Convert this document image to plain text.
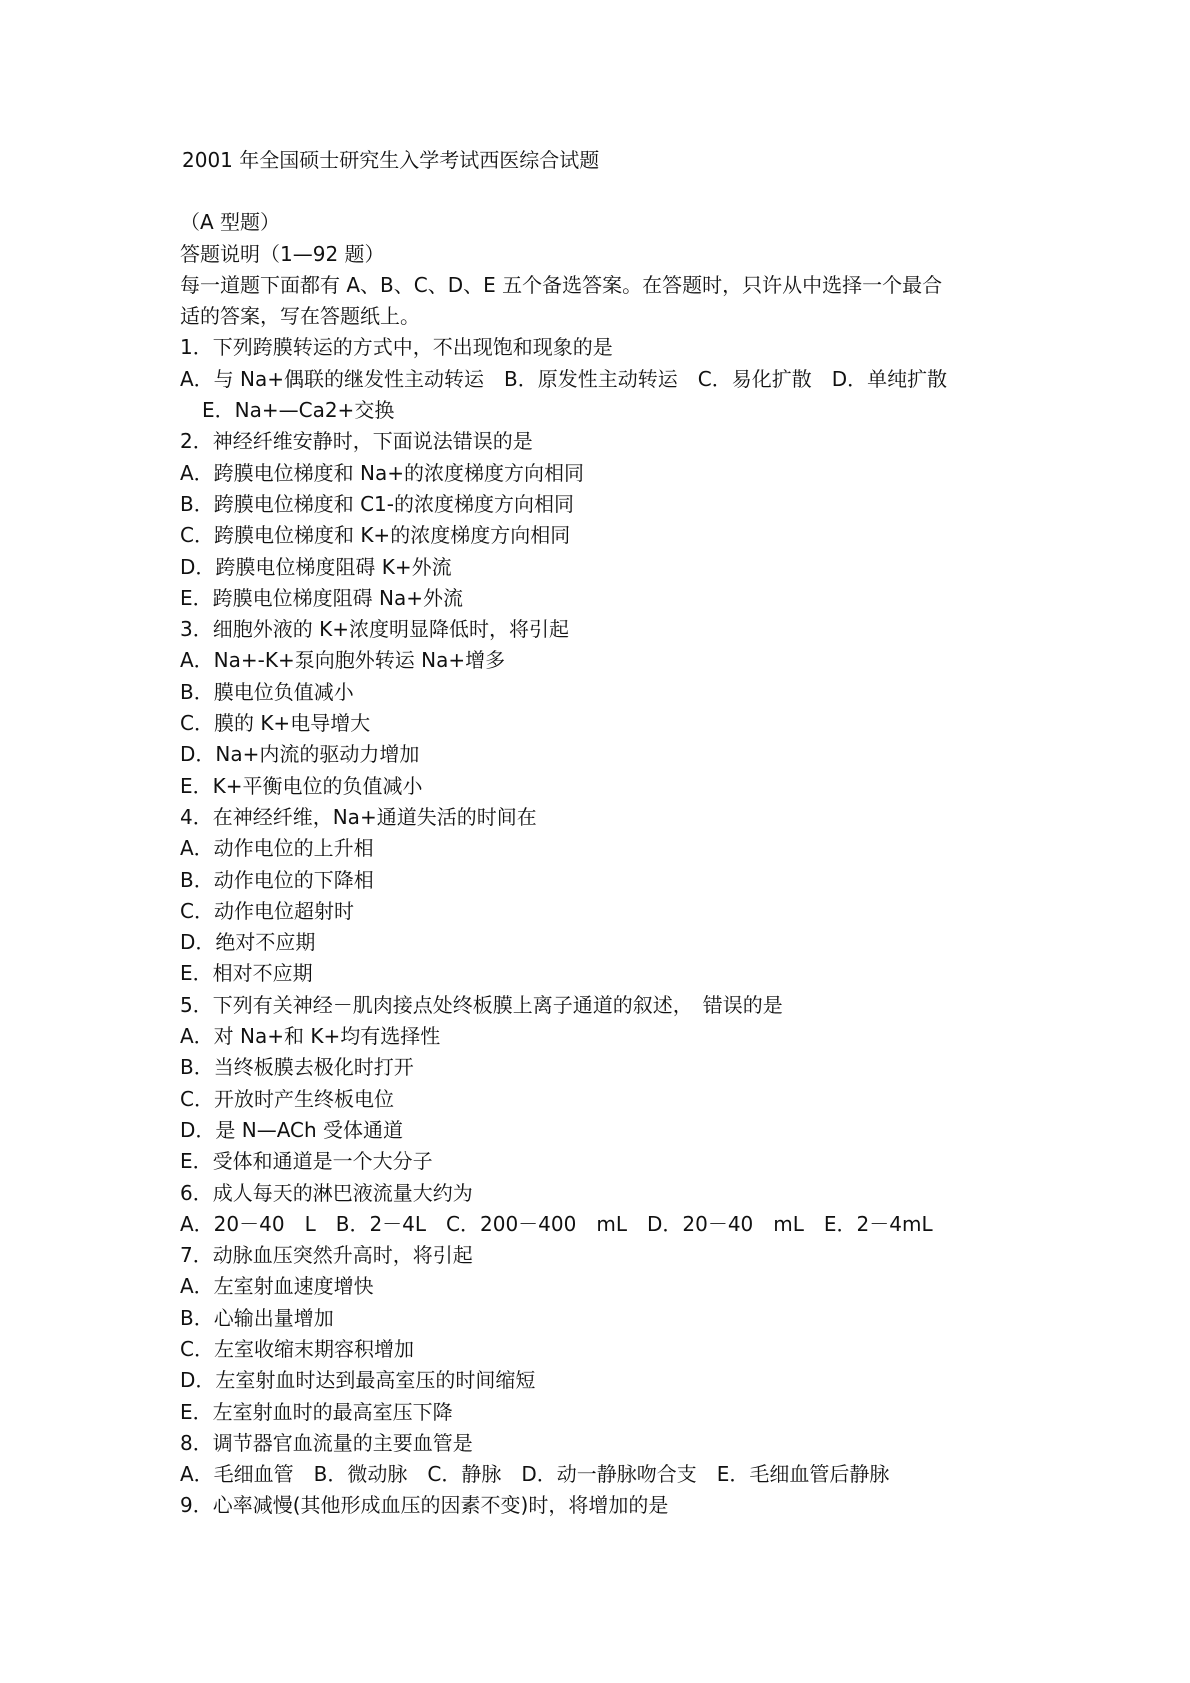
2001 年全国硕士研究生入学考试西医综合试题
（A 型题）
答题说明（1—92 题）
每一道题下面都有 A、B、C、D、E 五个备选答案。在答题时，只许从中选择一个最合
适的答案，写在答题纸上。
1．下列跨膜转运的方式中，不出现饱和现象的是
A．与 Na+偶联的继发性主动转运　B．原发性主动转运　C．易化扩散　D．单纯扩散
E．Na+—Ca2+交换
2．神经纤维安静时，下面说法错误的是
A．跨膜电位梯度和 Na+的浓度梯度方向相同
B．跨膜电位梯度和 C1-的浓度梯度方向相同
C．跨膜电位梯度和 K+的浓度梯度方向相同
D．跨膜电位梯度阻碍 K+外流
E．跨膜电位梯度阻碍 Na+外流
3．细胞外液的 K+浓度明显降低时，将引起
A．Na+-K+泵向胞外转运 Na+增多
B．膜电位负值减小
C．膜的 K+电导增大
D．Na+内流的驱动力增加
E．K+平衡电位的负值减小
4．在神经纤维，Na+通道失活的时间在
A．动作电位的上升相
B．动作电位的下降相
C．动作电位超射时
D．绝对不应期
E．相对不应期
5．下列有关神经－肌肉接点处终板膜上离子通道的叙述，　错误的是
A．对 Na+和 K+均有选择性
B．当终板膜去极化时打开
C．开放时产生终板电位
D．是 N—ACh 受体通道
E．受体和通道是一个大分子
6．成人每天的淋巴液流量大约为
A．20－40　L　B．2－4L　C．200－400　mL　D．20－40　mL　E．2－4mL
7．动脉血压突然升高时，将引起
A．左室射血速度增快
B．心输出量增加
C．左室收缩末期容积增加
D．左室射血时达到最高室压的时间缩短
E．左室射血时的最高室压下降
8．调节器官血流量的主要血管是
A．毛细血管　B．微动脉　C．静脉　D．动一静脉吻合支　E．毛细血管后静脉
9．心率减慢(其他形成血压的因素不变)时，将增加的是
